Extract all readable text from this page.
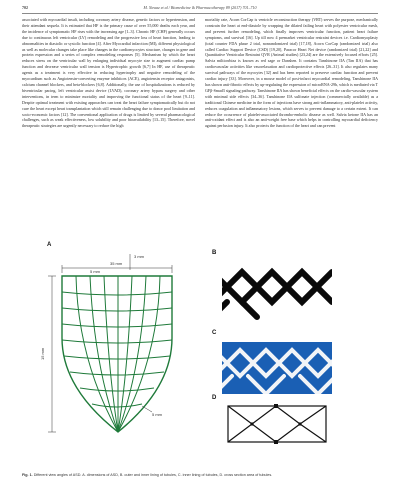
702	M. Nawaz et al / Biomedicine & Pharmacotherapy 89 (2017) 701–710
associated with myocardial insult, including coronary artery disease, genetic factors or hypertension, and their attendant sequela. It is estimated that HF is the primary cause of over 55,000 deaths each year, and the incidence of symptomatic HF rises with the increasing age [1–3]. Chronic HF (CHF) generally occurs due to continuous left ventricular (LV) remodeling and the progressive loss of heart function, leading to abnormalities in diastolic or systolic function [4]. After Myocardial infarction (MI), different physiological as well as molecular changes take place like changes in the cardiomyocytes structure, changes in gene and protein expression and a series of complex remodeling responses [5]. Mechanism by which the heart reduces stress on the ventricular wall by enlarging individual myocyte size to augment cardiac pump function and decrease ventricular wall tension is Hypertrophic growth [6,7] In HF, use of therapeutic agents as a treatment is very effective in reducing hypertrophy and negative remodeling of the myocardium such as Angiotensin-converting enzyme inhibitors (ACE), angiotensin receptor antagonists, calcium channel blockers, and beta-blockers [6,8]. Additionally, the use of hospitalizations is reduced by biventricular pacing, left ventricular assist device (LVAD), coronary artery bypass surgery and other interventions, in term to minimize mortality and improving the functional status of the heart [9–11]. Despite optimal treatment with existing approaches can treat the heart failure symptomatically but do not cure the heart except heart transplantation which still remain challenging due to donor pool limitation and socio-economic factors [12]. The conventional application of drugs is limited by several pharmacological challenges, such as weak effectiveness, low solubility and poor bioavailability [13–15]. Therefore, novel therapeutic strategies are urgently necessary to reduce the high
mortality rate, Acorn CorCap is ventricle reconstruction therapy (VRT) serves the purpose, mechanically constrain the heart at end-diastole by wrapping the dilated failing heart with polyester ventricular mesh, and prevent further remodeling, which finally improves ventricular function, patient heart failure symptoms, and survival [16]. Up till now 4 premarket ventricular restraint devices i.e. Cardiomyoplasty (total counter FDA phase 2 trial, nonrandomized trial) [17,18], Acorn CorCap (randomized trial) also called Cardiac Support Device (CSD) [19,20], Paracor Heart Net device (randomized trial) [21,22] and Quantitative Ventricular Restraint QVR (Animal studies) [23,24] are the extensively focused efforts [25]. Salvia miltiorrhiza is known as red sage or Danshen. It contains Tanshinone IIA (Tan IIA) that has cardiovascular activities like vasorelaxation and cardioprotective effects [26–31]. It also regulates many survival pathways of the myocytes [32] and has been reported to preserve cardiac function and prevent cardiac injury [33]. Moreover, in a mouse model of post-infarct myocardial remodeling, Tanshinone IIA has shown anti-fibrotic effects by up-regulating the expression of microRNA-29b, which is mediated via T GFβ-Smad3 signaling pathway. Tanshinone IIA has shown beneficial effects on the cardio-vascular system with minimal side effects [34–36]. Tanshinone IIA sulfonate injection (commercially available) as a traditional Chinese medicine in the form of injections have strong anti-inflammatory, anti-platelet activity, reduces coagulation and inflammatory lesions, which serves to prevent damage to a certain extent. It can reduce the occurrence of platelet-associated thrombo-embolic disease as well. Salvia ketone IIA has an anti-oxidant effect and is also an anti-weight free base which helps in controlling myocardial deficiency against perfusion injury. It also protects the function of the heart and can prevent
A
35 mm
3 mm
5 mm
15 mm
5 mm
B
C
D
Fig. 1. Different view angles of ASD. A. dimensions of ASD, B. outer and inner lining of tubules, C. inner lining of tubules, D. cross section area of tubules.
